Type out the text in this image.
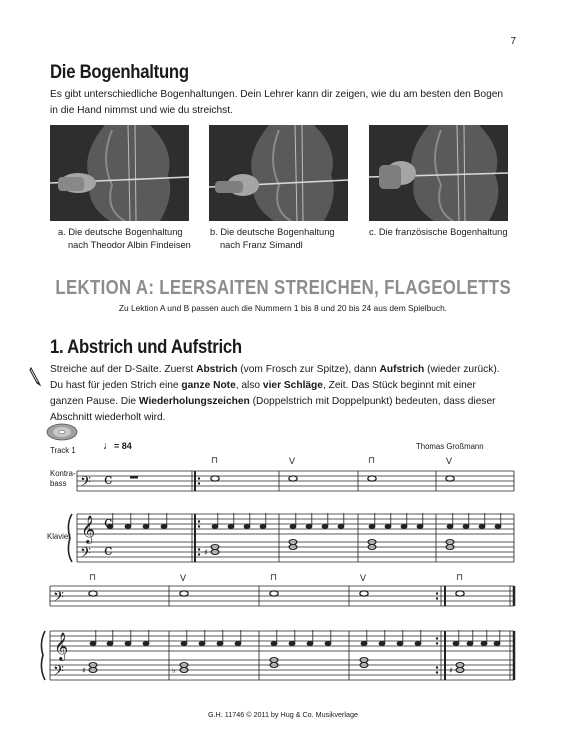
7
Die Bogenhaltung
Es gibt unterschiedliche Bogenhaltungen. Dein Lehrer kann dir zeigen, wie du am besten den Bogen
in die Hand nimmst und wie du streichst.
a. Die deutsche Bogenhaltung
nach Theodor Albin Findeisen
b. Die deutsche Bogenhaltung
nach Franz Simandl
c. Die französische Bogenhaltung
LEKTION A: LEERSAITEN STREICHEN, FLAGEOLETTS
Zu Lektion A und B passen auch die Nummern 1 bis 8 und 20 bis 24 aus dem Spielbuch.
1. Abstrich und Aufstrich
Streiche auf der D-Saite. Zuerst Abstrich (vom Frosch zur Spitze), dann Aufstrich (wieder zurück).
Du hast für jeden Strich eine ganze Note, also vier Schläge, Zeit. Das Stück beginnt mit einer
ganzen Pause. Die Wiederholungszeichen (Doppelstrich mit Doppelpunkt) bedeuten, dass dieser
Abschnitt wiederholt wird.
Track 1 ♩= 84	Thomas Großmann
Kontra-
bass
Klavier
𝄢
𝄞
𝄢
𝄢
𝄞
𝄢
♯
♯	♭	♯
c
c
c
⊓	V	⊓	V
⊓	V	⊓	V	⊓
G.H. 11746 © 2011 by Hug & Co. Musikverlage
